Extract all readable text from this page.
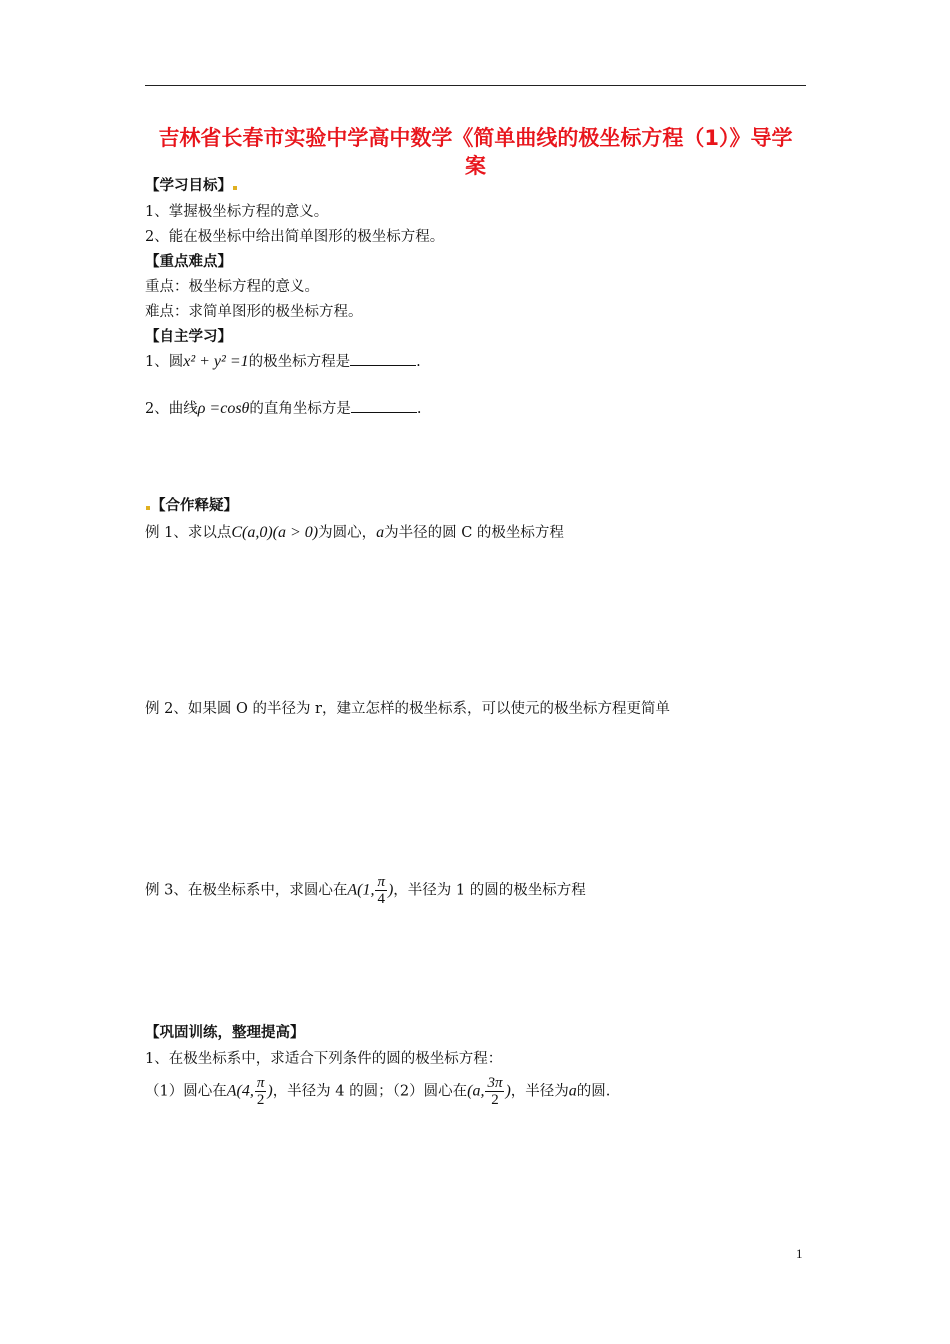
吉林省长春市实验中学高中数学《简单曲线的极坐标方程（1）》导学
案
【学习目标】
1、掌握极坐标方程的意义。
2、能在极坐标中给出简单图形的极坐标方程。
【重点难点】
重点：极坐标方程的意义。
难点：求简单图形的极坐标方程。
【自主学习】
1、圆x² + y² =1的极坐标方程是	.
2、曲线ρ =cosθ的直角坐标方是	.
【合作释疑】
例 1、求以点C(a,0)(a > 0)为圆心，a为半径的圆 C 的极坐标方程
例 2、如果圆 O 的半径为 r，建立怎样的极坐标系，可以使元的极坐标方程更简单
例 3、在极坐标系中，求圆心在A(1, $\frac{\pi}{4}$ )，半径为 1 的圆的极坐标方程
【巩固训练，整理提高】
1、在极坐标系中，求适合下列条件的圆的极坐标方程：
（1）圆心在A(4, $\frac{\pi}{2}$ )，半径为 4 的圆；（2）圆心在(a, $\frac{3\pi}{2}$ )，半径为a的圆.
1
